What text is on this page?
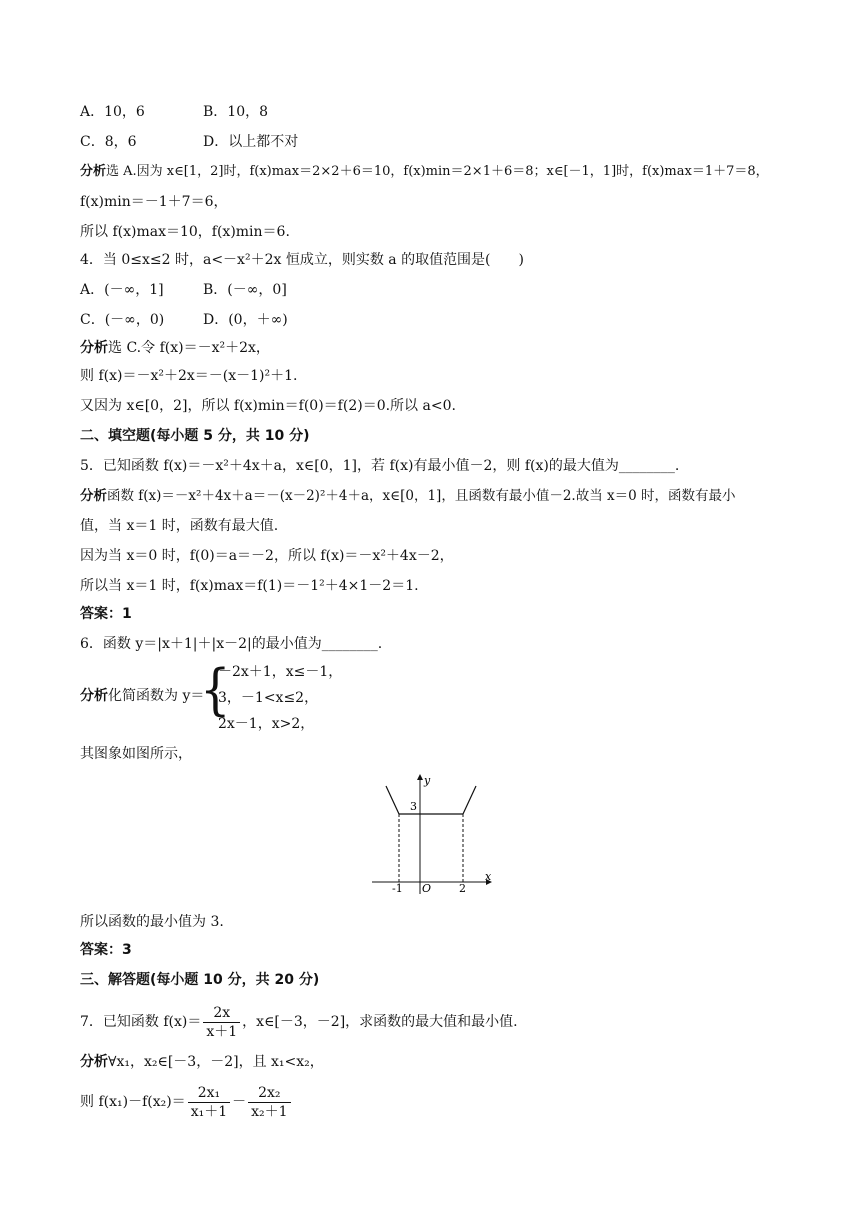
A．10，6	B．10，8
C．8，6	D．以上都不对
分析选 A.因为 x∈[1，2]时，f(x)max＝2×2＋6＝10，f(x)min＝2×1＋6＝8；x∈[－1，1]时，f(x)max＝1＋7＝8，
f(x)min＝－1＋7＝6，
所以 f(x)max＝10，f(x)min＝6.
4．当 0≤x≤2 时，a<－x²＋2x 恒成立，则实数 a 的取值范围是(　　)
A．(－∞，1]	B．(－∞，0]
C．(－∞，0)	D．(0，＋∞)
分析选 C.令 f(x)＝－x²＋2x，
则 f(x)＝－x²＋2x＝－(x－1)²＋1.
又因为 x∈[0，2]，所以 f(x)min＝f(0)＝f(2)＝0.所以 a<0.
二、填空题(每小题 5 分，共 10 分)
5．已知函数 f(x)＝－x²＋4x＋a，x∈[0，1]，若 f(x)有最小值－2，则 f(x)的最大值为________.
分析函数 f(x)＝－x²＋4x＋a＝－(x－2)²＋4＋a，x∈[0，1]，且函数有最小值－2.故当 x＝0 时，函数有最小
值，当 x＝1 时，函数有最大值.
因为当 x＝0 时，f(0)＝a＝－2，所以 f(x)＝－x²＋4x－2，
所以当 x＝1 时，f(x)max＝f(1)＝－1²＋4×1－2＝1.
答案：1
6．函数 y＝|x＋1|＋|x－2|的最小值为________.
分析化简函数为 y＝
{
－2x＋1，x≤－1，
3，－1<x≤2，
2x－1，x>2，
其图象如图所示，
y
x
3
O
-1	2
所以函数的最小值为 3.
答案：3
三、解答题(每小题 10 分，共 20 分)
7．已知函数 $f(x)= \frac{2x}{x+1}$ ，x∈[－3，－2]，求函数的最大值和最小值.
分析∀x₁，x₂∈[－3，－2]，且 x₁<x₂，
则 $f(x_1)-f(x_2)= \frac{\text{2x₁}}{\text{x₁＋1}} - \frac{\text{2x₂}}{\text{x₂＋1}}$
